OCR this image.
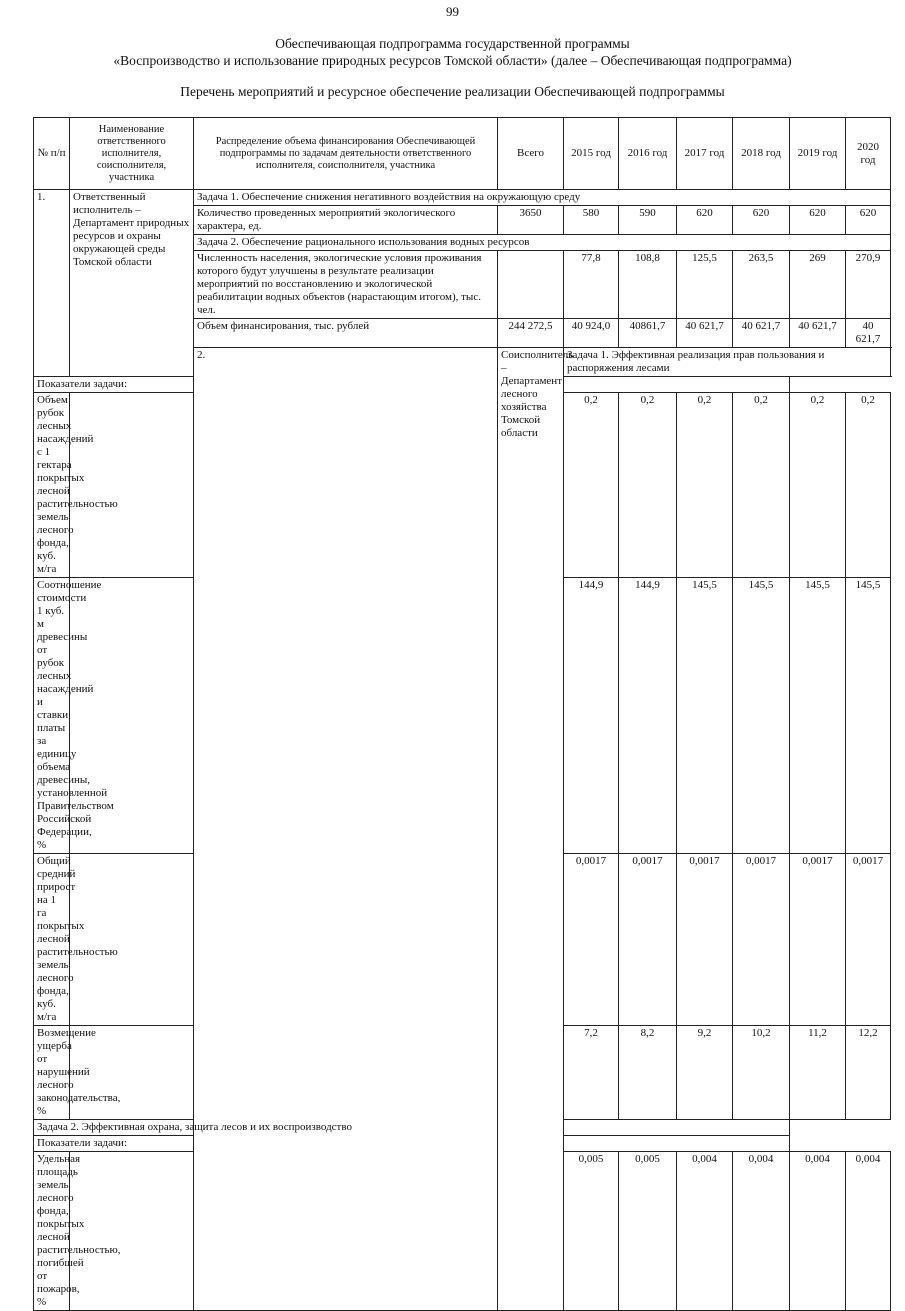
99
Обеспечивающая подпрограмма государственной программы
«Воспроизводство и использование природных ресурсов Томской области» (далее – Обеспечивающая подпрограмма)
Перечень мероприятий и ресурсное обеспечение реализации Обеспечивающей подпрограммы
№ п/п	Наименование ответственного исполнителя, соисполнителя, участника	Распределение объема финансирования Обеспечивающей подпрограммы по задачам деятельности ответственного исполнителя, соисполнителя, участника	Всего	2015 год	2016 год	2017 год	2018 год	2019 год	2020 год
1.	Ответственный исполнитель – Департамент природных ресурсов и охраны окружающей среды Томской области	Задача 1. Обеспечение снижения негативного воздействия на окружающую среду							
		Количество проведенных мероприятий экологического характера, ед.	3650	580	590	620	620	620	620
		Задача 2. Обеспечение рационального использования водных ресурсов							
		Численность населения, экологические условия проживания которого будут улучшены в результате реализации мероприятий по восстановлению и экологической реабилитации водных объектов (нарастающим итогом), тыс. чел.		77,8	108,8	125,5	263,5	269	270,9
		Объем финансирования, тыс. рублей	244 272,5	40 924,0	40861,7	40 621,7	40 621,7	40 621,7	40 621,7
		2.	Соисполнитель – Департамент лесного хозяйства Томской области	Задача 1. Эффективная реализация прав пользования и распоряжения лесами					
Показатели задачи:									
Объем рубок лесных насаждений с 1 гектара покрытых лесной растительностью земель лесного фонда, куб. м/га				0,2	0,2	0,2	0,2	0,2	0,2
Соотношение стоимости 1 куб. м древесины от рубок лесных насаждений и ставки платы за единицу объема древесины, установленной Правительством Российской Федерации, %				144,9	144,9	145,5	145,5	145,5	145,5
Общий средний прирост на 1 га покрытых лесной растительностью земель лесного фонда, куб. м/га				0,0017	0,0017	0,0017	0,0017	0,0017	0,0017
Возмещение ущерба от нарушений лесного законодательства, %				7,2	8,2	9,2	10,2	11,2	12,2
Задача 2. Эффективная охрана, защита лесов и их воспроизводство									
Показатели задачи:									
Удельная площадь земель лесного фонда, покрытых лесной растительностью, погибшей от пожаров, %				0,005	0,005	0,004	0,004	0,004	0,004
